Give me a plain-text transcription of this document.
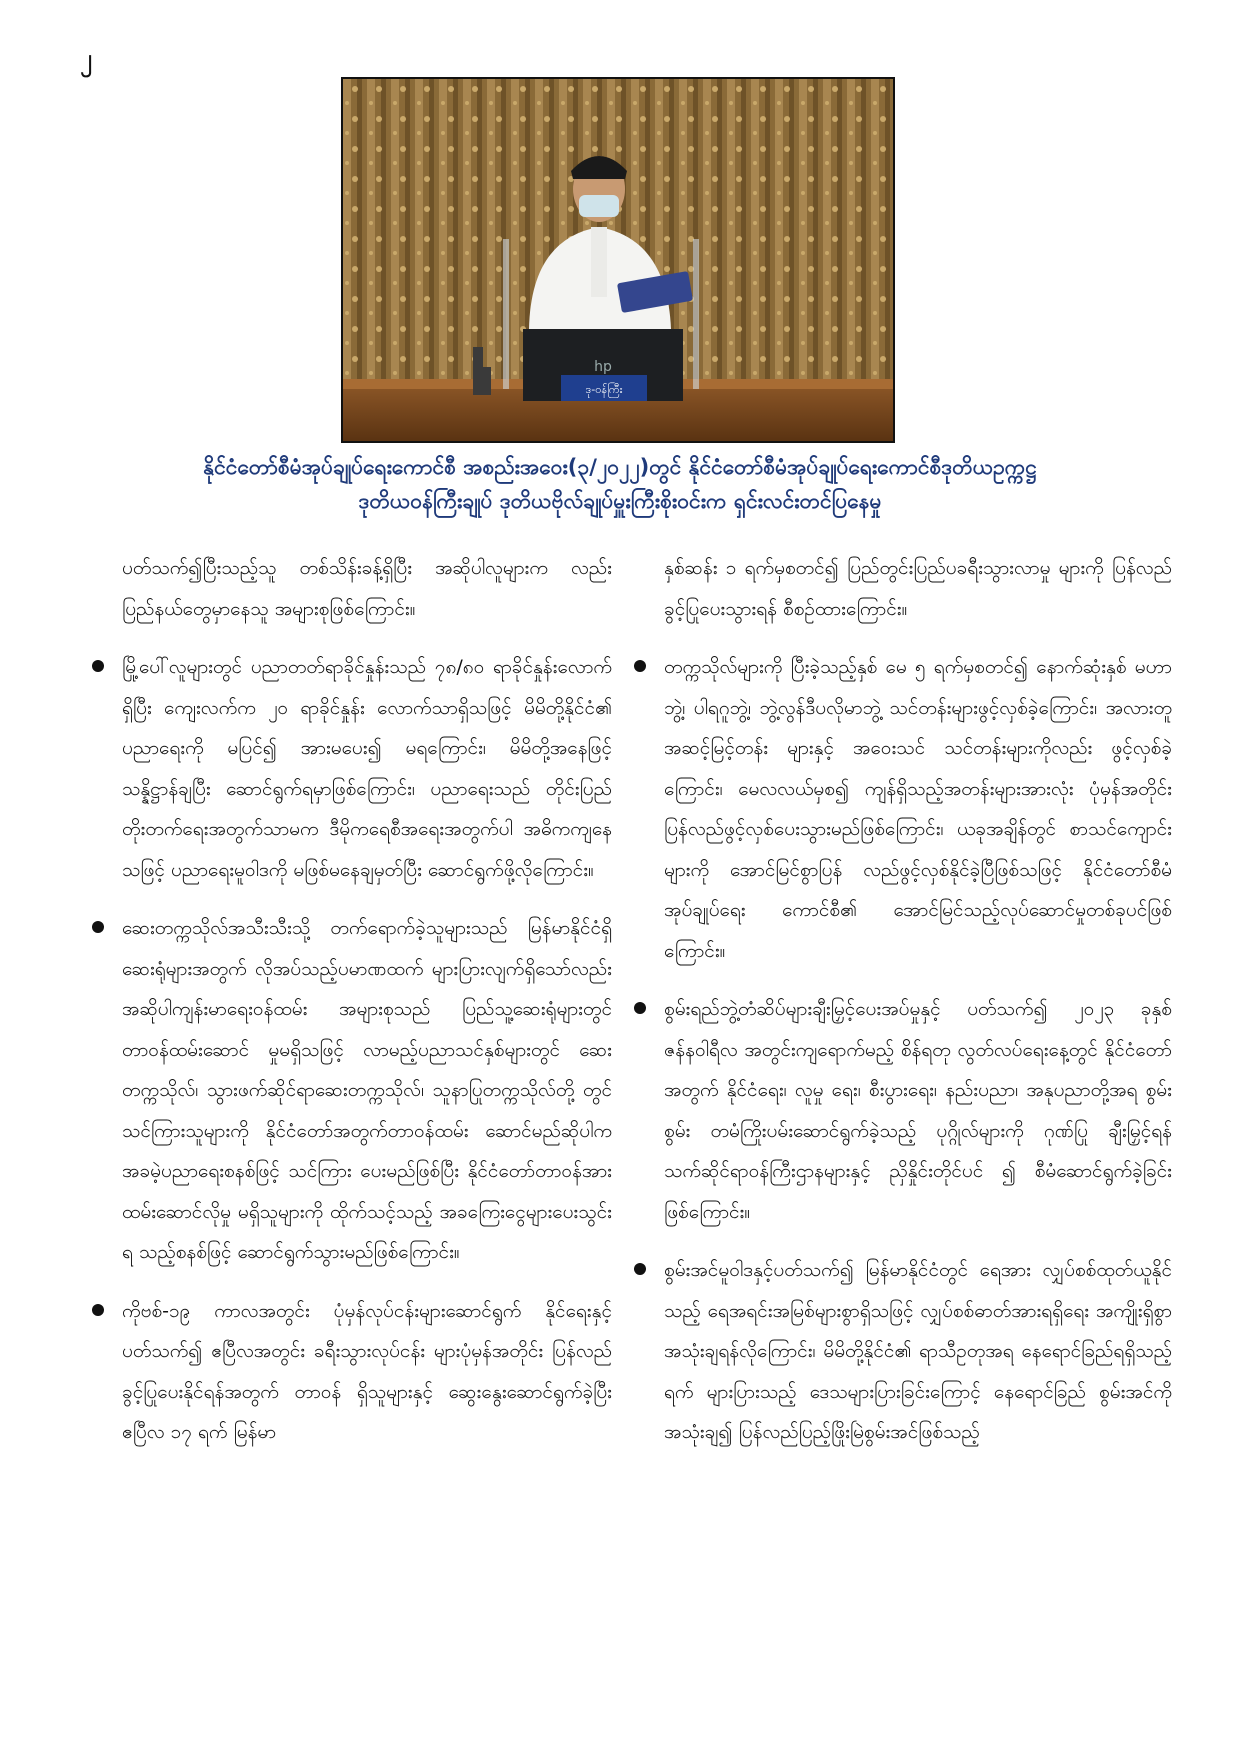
၂
hp
ဒု-ဝန်ကြီး
နိုင်ငံတော်စီမံအုပ်ချုပ်ရေးကောင်စီ အစည်းအဝေး(၃/၂၀၂၂)တွင် နိုင်ငံတော်စီမံအုပ်ချုပ်ရေးကောင်စီဒုတိယဥက္ကဋ္ဌ
ဒုတိယဝန်ကြီးချုပ် ဒုတိယဗိုလ်ချုပ်မှူးကြီးစိုးဝင်းက ရှင်းလင်းတင်ပြနေမှု

ပတ်သက်၍ပြီးသည့်သူ တစ်သိန်းခန့်ရှိပြီး အဆိုပါလူများက လည်း ပြည်နယ်တွေမှာနေသူ အများစုဖြစ်ကြောင်း။

မြို့ပေါ်လူများတွင် ပညာတတ်ရာခိုင်နှုန်းသည် ၇၈/၈၀ ရာခိုင်နှုန်းလောက်ရှိပြီး ကျေးလက်က ၂၀ ရာခိုင်နှုန်း လောက်သာရှိသဖြင့် မိမိတို့နိုင်ငံ၏ ပညာရေးကို မပြင်၍ အားမပေး၍ မရကြောင်း၊ မိမိတို့အနေဖြင့် သန္နိဋ္ဌာန်ချပြီး ဆောင်ရွက်ရမှာဖြစ်ကြောင်း၊ ပညာရေးသည် တိုင်းပြည် တိုးတက်ရေးအတွက်သာမက ဒီမိုကရေစီအရေးအတွက်ပါ အဓိကကျနေသဖြင့် ပညာရေးမူဝါဒကို မဖြစ်မနေချမှတ်ပြီး ဆောင်ရွက်ဖို့လိုကြောင်း။
ဆေးတက္ကသိုလ်အသီးသီးသို့ တက်ရောက်ခဲ့သူများသည် မြန်မာနိုင်ငံရှိဆေးရုံများအတွက် လိုအပ်သည့်ပမာဏထက် များပြားလျက်ရှိသော်လည်း အဆိုပါကျန်းမာရေးဝန်ထမ်း အများစုသည် ပြည်သူ့ဆေးရုံများတွင် တာဝန်ထမ်းဆောင် မှုမရှိသဖြင့် လာမည့်ပညာသင်နှစ်များတွင် ဆေးတက္ကသိုလ်၊ သွားဖက်ဆိုင်ရာဆေးတက္ကသိုလ်၊ သူနာပြုတက္ကသိုလ်တို့ တွင် သင်ကြားသူများကို နိုင်ငံတော်အတွက်တာဝန်ထမ်း ဆောင်မည်ဆိုပါက အခမဲ့ပညာရေးစနစ်ဖြင့် သင်ကြား ပေးမည်ဖြစ်ပြီး နိုင်ငံတော်တာဝန်အား ထမ်းဆောင်လိုမှု မရှိသူများကို ထိုက်သင့်သည့် အခကြေးငွေများပေးသွင်းရ သည့်စနစ်ဖြင့် ဆောင်ရွက်သွားမည်ဖြစ်ကြောင်း။
ကိုဗစ်-၁၉ ကာလအတွင်း ပုံမှန်လုပ်ငန်းများဆောင်ရွက် နိုင်ရေးနှင့်ပတ်သက်၍ ဧပြီလအတွင်း ခရီးသွားလုပ်ငန်း များပုံမှန်အတိုင်း ပြန်လည်ခွင့်ပြုပေးနိုင်ရန်အတွက် တာဝန် ရှိသူများနှင့် ဆွေးနွေးဆောင်ရွက်ခဲ့ပြီး ဧပြီလ ၁၇ ရက် မြန်မာ

နှစ်ဆန်း ၁ ရက်မှစတင်၍ ပြည်တွင်းပြည်ပခရီးသွားလာမှု များကို ပြန်လည်ခွင့်ပြုပေးသွားရန် စီစဉ်ထားကြောင်း။

တက္ကသိုလ်များကို ပြီးခဲ့သည့်နှစ် မေ ၅ ရက်မှစတင်၍ နောက်ဆုံးနှစ် မဟာဘွဲ့၊ ပါရဂူဘွဲ့၊ ဘွဲ့လွန်ဒီပလိုမာဘွဲ့ သင်တန်းများဖွင့်လှစ်ခဲ့ကြောင်း၊ အလားတူအဆင့်မြင့်တန်း များနှင့် အဝေးသင် သင်တန်းများကိုလည်း ဖွင့်လှစ်ခဲ့ ကြောင်း၊ မေလလယ်မှစ၍ ကျန်ရှိသည့်အတန်းများအားလုံး ပုံမှန်အတိုင်း ပြန်လည်ဖွင့်လှစ်ပေးသွားမည်ဖြစ်ကြောင်း၊ ယခုအချိန်တွင် စာသင်ကျောင်းများကို အောင်မြင်စွာပြန် လည်ဖွင့်လှစ်နိုင်ခဲ့ပြီဖြစ်သဖြင့် နိုင်ငံတော်စီမံအုပ်ချုပ်ရေး ကောင်စီ၏ အောင်မြင်သည့်လုပ်ဆောင်မှုတစ်ခုပင်ဖြစ် ကြောင်း။
စွမ်းရည်ဘွဲ့တံဆိပ်များချီးမြှင့်ပေးအပ်မှုနှင့် ပတ်သက်၍ ၂၀၂၃ ခုနှစ် ဇန်နဝါရီလ အတွင်းကျရောက်မည့် စိန်ရတု လွတ်လပ်ရေးနေ့တွင် နိုင်ငံတော်အတွက် နိုင်ငံရေး၊ လူမှု ရေး၊ စီးပွားရေး၊ နည်းပညာ၊ အနုပညာတို့အရ စွမ်းစွမ်း တမံကြိုးပမ်းဆောင်ရွက်ခဲ့သည့် ပုဂ္ဂိုလ်များကို ဂုဏ်ပြု ချီးမြှင့်ရန် သက်ဆိုင်ရာဝန်ကြီးဌာနများနှင့် ညှိနှိုင်းတိုင်ပင် ၍ စီမံဆောင်ရွက်ခဲ့ခြင်းဖြစ်ကြောင်း။
စွမ်းအင်မူဝါဒနှင့်ပတ်သက်၍ မြန်မာနိုင်ငံတွင် ရေအား လျှပ်စစ်ထုတ်ယူနိုင်သည့် ရေအရင်းအမြစ်များစွာရှိသဖြင့် လျှပ်စစ်ဓာတ်အားရရှိရေး အကျိုးရှိစွာအသုံးချရန်လိုကြောင်း၊ မိမိတို့နိုင်ငံ၏ ရာသီဥတုအရ နေရောင်ခြည်ရရှိသည့်ရက် များပြားသည့် ဒေသများပြားခြင်းကြောင့် နေရောင်ခြည် စွမ်းအင်ကိုအသုံးချ၍ ပြန်လည်ပြည့်ဖြိုးမြဲစွမ်းအင်ဖြစ်သည့်
